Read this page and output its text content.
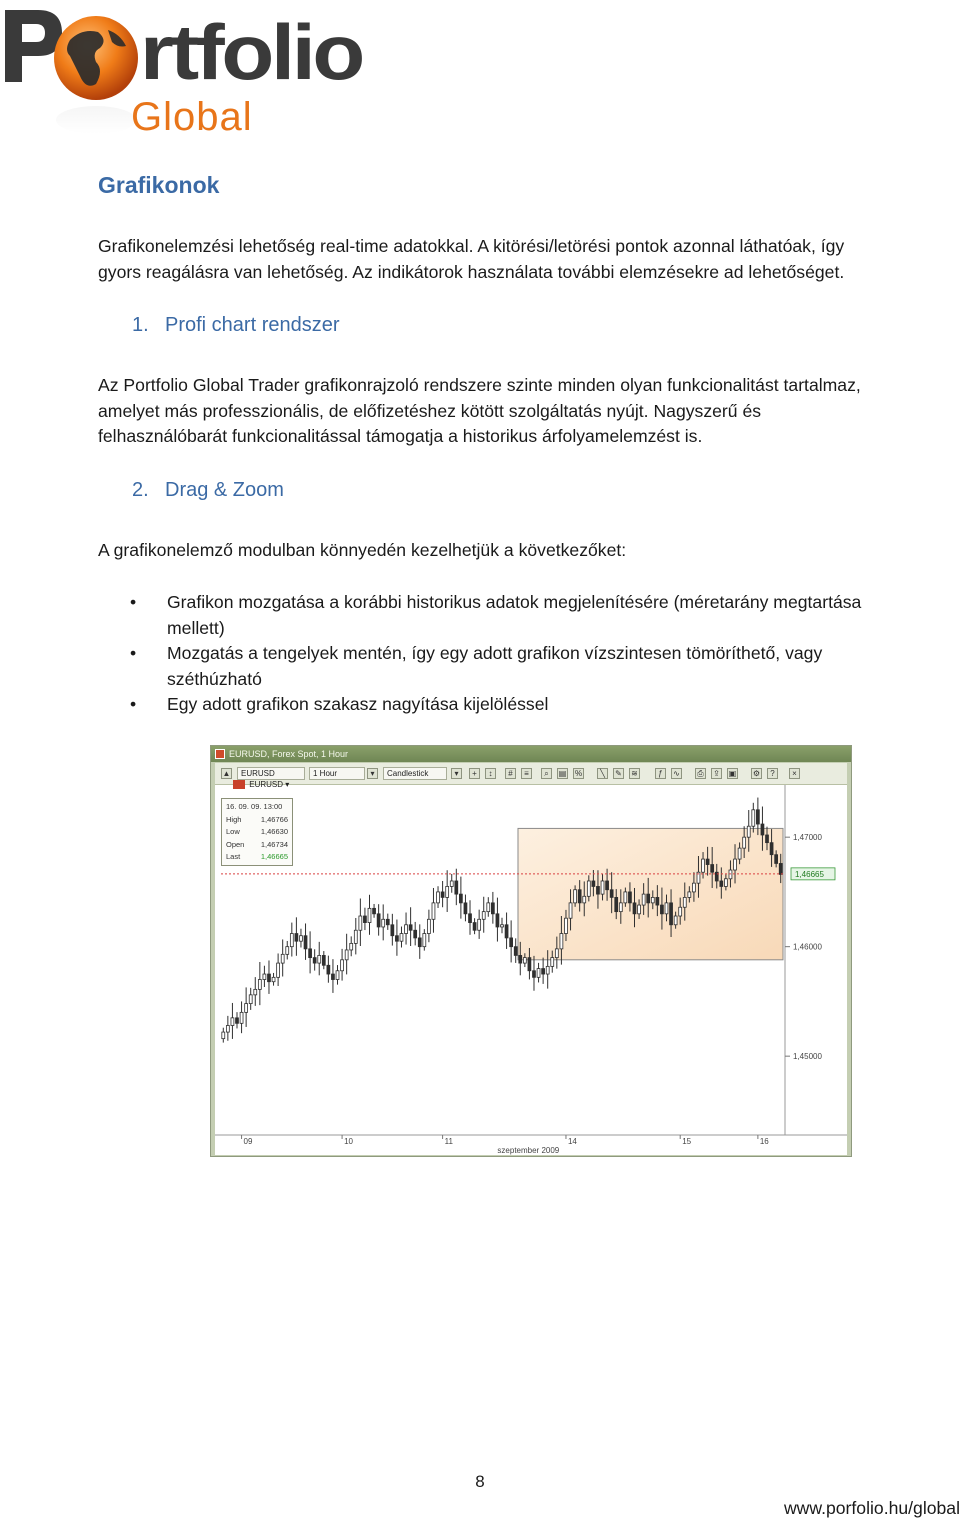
rtfolio
Global
Grafikonok
Grafikonelemzési lehetőség real-time adatokkal. A kitörési/letörési pontok azonnal láthatóak, így
gyors reagálásra van lehetőség. Az indikátorok használata további elemzésekre ad lehetőséget.
1. Profi chart rendszer
Az Portfolio Global Trader grafikonrajzoló rendszere szinte minden olyan funkcionalitást tartalmaz,
amelyet más professzionális, de előfizetéshez kötött szolgáltatás nyújt. Nagyszerű és
felhasználóbarát funkcionalitással támogatja a historikus árfolyamelemzést is.
2. Drag & Zoom
A grafikonelemző modulban könnyedén kezelhetjük a következőket:
• Grafikon mozgatása a korábbi historikus adatok megjelenítésére (méretarány megtartása
mellett)
• Mozgatás a tengelyek mentén, így egy adott grafikon vízszintesen tömöríthető, vagy
széthúzható
• Egy adott grafikon szakasz nagyítása kijelöléssel
EURUSD, Forex Spot, 1 Hour
▲	EURUSD	1 Hour	▾	Candlestick	▾	+	↕	#	≡	⌕	▤ %	╲	✎ ≋	ƒ	∿ ⎙ ⇪ ▣ ⚙	?	×
1,47000
1,46000
1,45000
1,46665
09	10	11	14	15	16
szeptember 2009
EURUSD ▾
16. 09. 09. 13:00
High	1,46766
Low	1,46630
Open 1,46734
Last	1,46665
8
www.porfolio.hu/global
